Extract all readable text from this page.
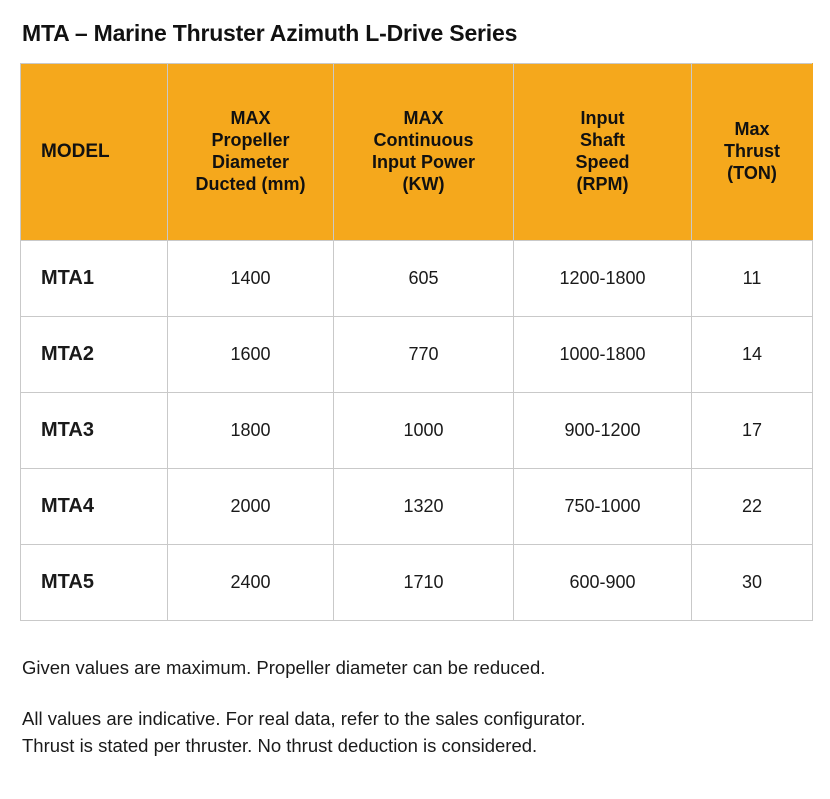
MTA – Marine Thruster Azimuth L-Drive Series
MODEL	MAX
Propeller
Diameter
Ducted (mm)	MAX
Continuous
Input Power
(KW)	Input
Shaft
Speed
(RPM)	Max
Thrust
(TON)
MTA1	1400	605	1200-1800	11
MTA2	1600	770	1000-1800	14
MTA3	1800	1000	900-1200	17
MTA4	2000	1320	750-1000	22
MTA5	2400	1710	600-900	30
Given values are maximum. Propeller diameter can be reduced.
All values are indicative. For real data, refer to the sales configurator.
Thrust is stated per thruster. No thrust deduction is considered.
